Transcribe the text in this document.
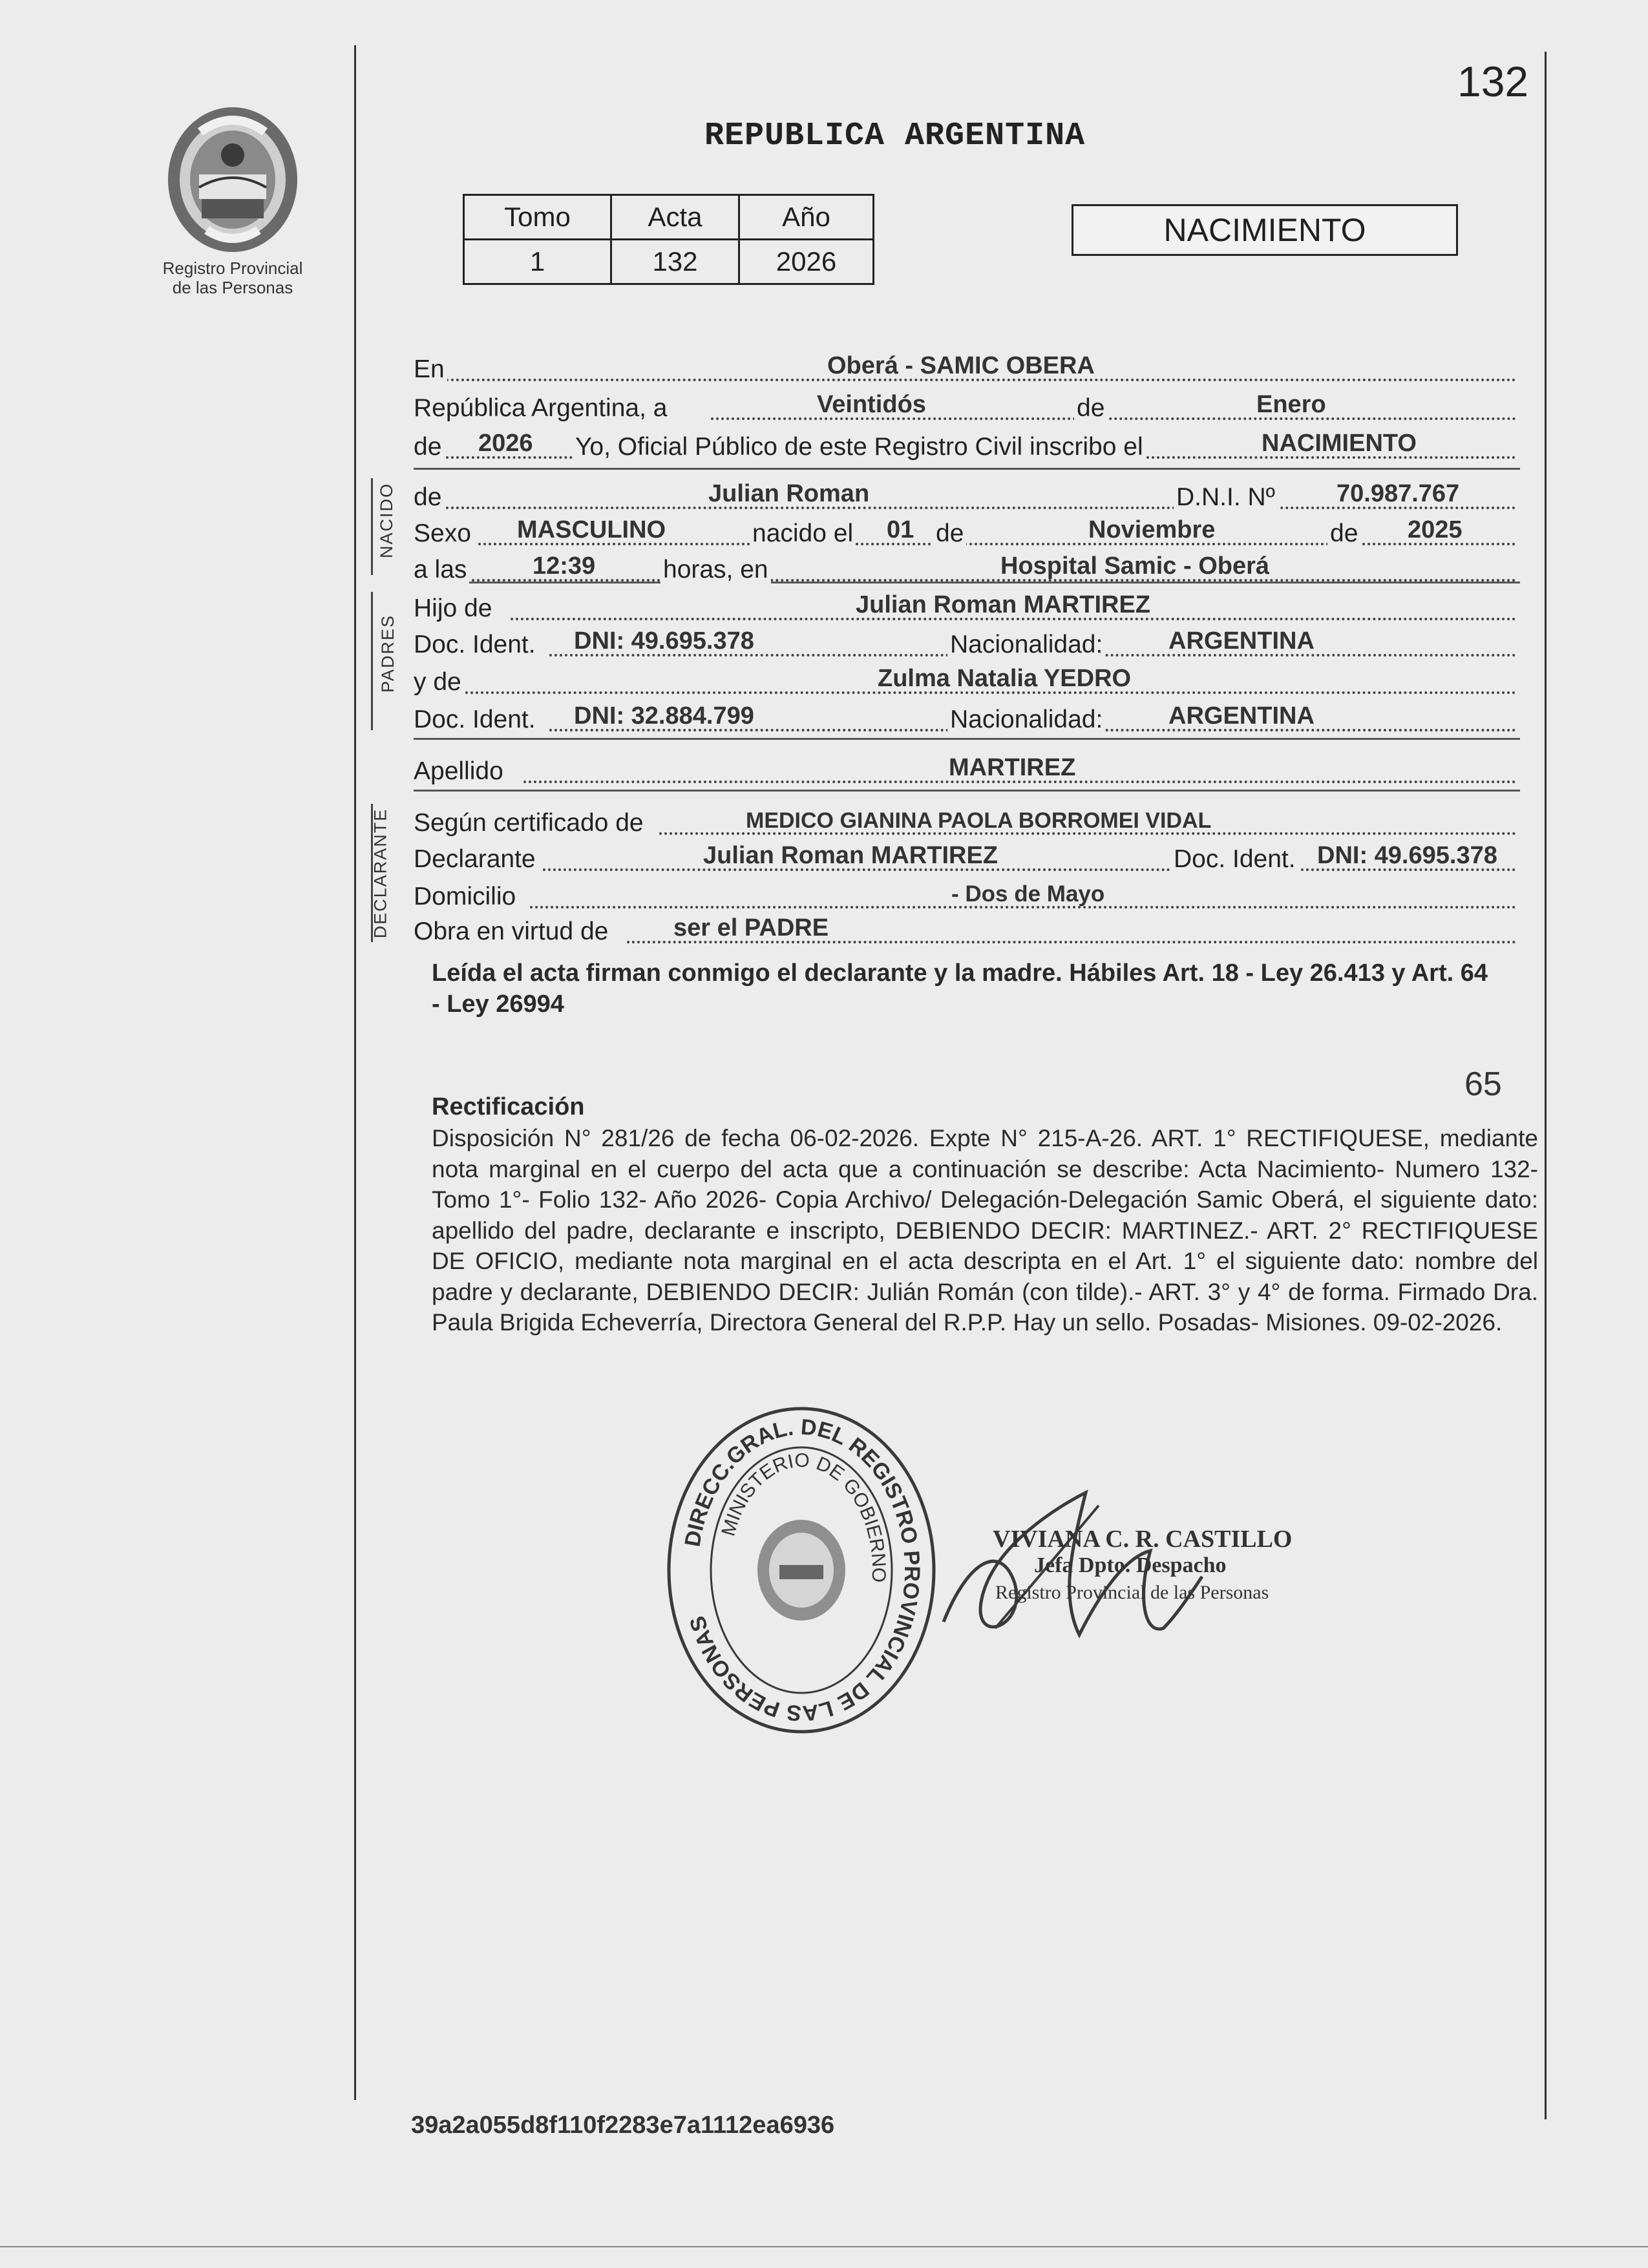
Registro Provincial
de las Personas
132
REPUBLICA ARGENTINA
Tomo	Acta	Año
1	132	2026
NACIMIENTO
En	Oberá - SAMIC OBERA
República Argentina, a	Veintidós	de	Enero
de 2026 Yo, Oficial Público de este Registro Civil inscribo el	NACIMIENTO
NACIDO de	Julian Roman	D.N.I. Nº	70.987.767
Sexo MASCULINO	nacido el 01 de	Noviembre	de 2025
a las	12:39	horas, en	Hospital Samic - Oberá
PADRES
Hijo de	Julian Roman MARTIREZ
Doc. Ident. DNI: 49.695.378	Nacionalidad:	ARGENTINA
y de	Zulma Natalia YEDRO
Doc. Ident. DNI: 32.884.799	Nacionalidad:	ARGENTINA
Apellido	MARTIREZ
DECLARANTE Según certificado de	MEDICO GIANINA PAOLA BORROMEI VIDAL
Declarante	Julian Roman MARTIREZ	Doc. Ident. DNI: 49.695.378
Domicilio	- Dos de Mayo
Obra en virtud de	ser el PADRE
Leída el acta firman conmigo el declarante y la madre. Hábiles Art. 18 - Ley 26.413 y Art. 64 - Ley 26994
65
Rectificación
Disposición N° 281/26 de fecha 06-02-2026. Expte N° 215-A-26. ART. 1° RECTIFIQUESE, mediante nota marginal en el cuerpo del acta que a continuación se describe: Acta Nacimiento- Numero 132- Tomo 1°- Folio 132- Año 2026- Copia Archivo/ Delegación-Delegación Samic Oberá, el siguiente dato: apellido del padre, declarante e inscripto, DEBIENDO DECIR: MARTINEZ.- ART. 2° RECTIFIQUESE DE OFICIO, mediante nota marginal en el acta descripta en el Art. 1° el siguiente dato: nombre del padre y declarante, DEBIENDO DECIR: Julián Román (con tilde).- ART. 3° y 4° de forma. Firmado Dra. Paula Brigida Echeverría, Directora General del R.P.P. Hay un sello. Posadas- Misiones. 09-02-2026.
DIRECC.GRAL. DEL REGISTRO PROVINCIAL DE LAS PERSONAS
MINISTERIO DE GOBIERNO
VIVIANA C. R. CASTILLO
Jefa Dpto. Despacho
Registro Provincial de las Personas
39a2a055d8f110f2283e7a1112ea6936
